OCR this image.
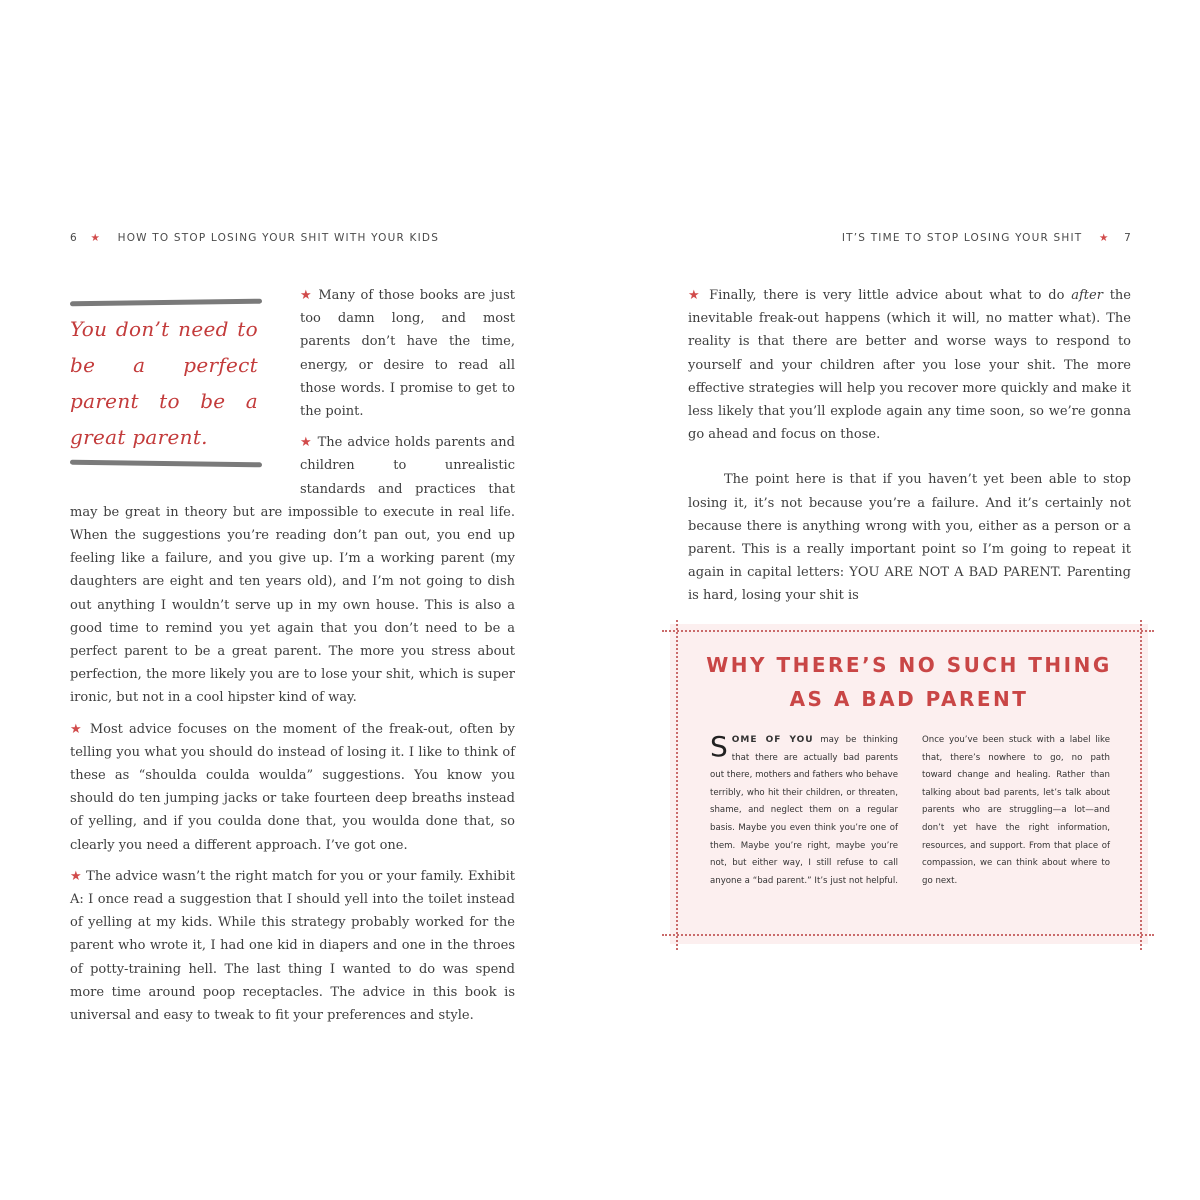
6 ★ HOW TO STOP LOSING YOUR SHIT WITH YOUR KIDS
You don’t need to be a perfect parent to be a great parent.

★ Many of those books are just too damn long, and most parents don’t have the time, energy, or desire to read all those words. I promise to get to the point.

★ The advice holds parents and children to unrealistic standards and practices that may be great in theory but are impossible to execute in real life. When the suggestions you’re reading don’t pan out, you end up feeling like a failure, and you give up. I’m a working parent (my daughters are eight and ten years old), and I’m not going to dish out anything I wouldn’t serve up in my own house. This is also a good time to remind you yet again that you don’t need to be a perfect parent to be a great parent. The more you stress about perfection, the more likely you are to lose your shit, which is super ironic, but not in a cool hipster kind of way.

★ Most advice focuses on the moment of the freak-out, often by telling you what you should do instead of losing it. I like to think of these as “shoulda coulda woulda” suggestions. You know you should do ten jumping jacks or take fourteen deep breaths instead of yelling, and if you coulda done that, you woulda done that, so clearly you need a different approach. I’ve got one.

★ The advice wasn’t the right match for you or your family. Exhibit A: I once read a suggestion that I should yell into the toilet instead of yelling at my kids. While this strategy probably worked for the parent who wrote it, I had one kid in diapers and one in the throes of potty-training hell. The last thing I wanted to do was spend more time around poop receptacles. The advice in this book is universal and easy to tweak to fit your preferences and style.

IT’S TIME TO STOP LOSING YOUR SHIT ★ 7

★ Finally, there is very little advice about what to do after the inevitable freak-out happens (which it will, no matter what). The reality is that there are better and worse ways to respond to yourself and your children after you lose your shit. The more effective strategies will help you recover more quickly and make it less likely that you’ll explode again any time soon, so we’re gonna go ahead and focus on those.

The point here is that if you haven’t yet been able to stop losing it, it’s not because you’re a failure. And it’s certainly not because there is anything wrong with you, either as a person or a parent. This is a really important point so I’m going to repeat it again in capital letters: YOU ARE NOT A BAD PARENT. Parenting is hard, losing your shit is

WHY THERE’S NO SUCH THING
AS A BAD PARENT
SOME OF YOU may be thinking that there are actually bad parents out there, mothers and fathers who behave terribly, who hit their children, or threaten, shame, and neglect them on a regular basis. Maybe you even think you’re one of them. Maybe you’re right, maybe you’re not, but either way, I still refuse to call anyone a “bad parent.” It’s just not helpful. Once you’ve been stuck with a label like that, there’s nowhere to go, no path toward change and healing. Rather than talking about bad parents, let’s talk about parents who are struggling—a lot—and don’t yet have the right information, resources, and support. From that place of compassion, we can think about where to go next.
